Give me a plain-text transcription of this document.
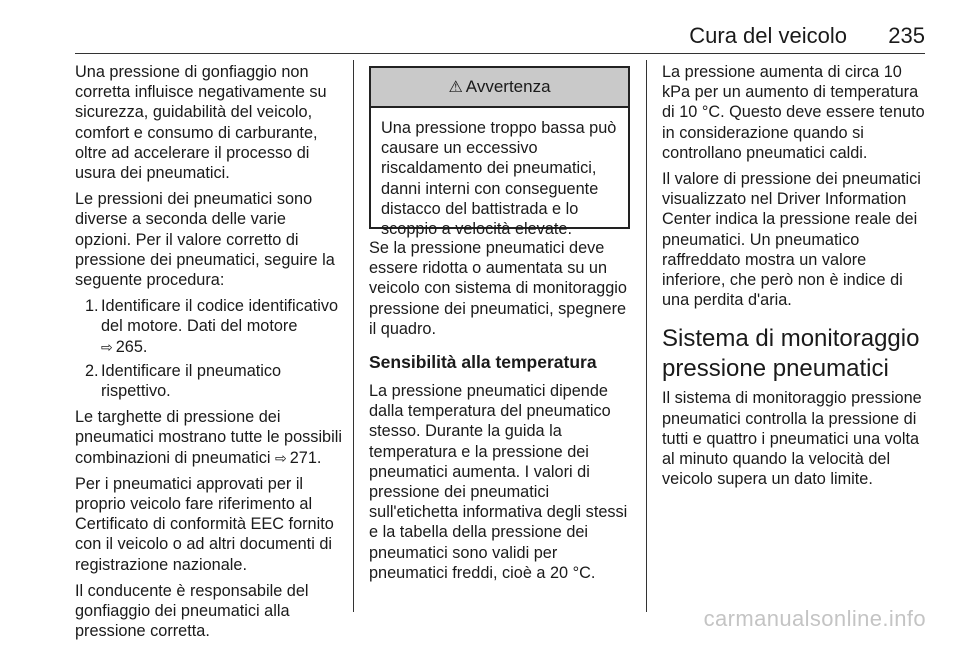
Cura del veicolo 235

Una pressione di gonfiaggio non corretta influisce negativamente su sicurezza, guidabilità del veicolo, comfort e consumo di carburante, oltre ad accelerare il processo di usura dei pneumatici.

Le pressioni dei pneumatici sono diverse a seconda delle varie opzioni. Per il valore corretto di pressione dei pneumatici, seguire la seguente procedura:

1. Identificare il codice identificativo del motore. Dati del motore
⇨ 265.
2. Identificare il pneumatico rispettivo.

Le targhette di pressione dei pneumatici mostrano tutte le possibili combinazioni di pneumatici ⇨ 271.

Per i pneumatici approvati per il proprio veicolo fare riferimento al Certificato di conformità EEC fornito con il veicolo o ad altri documenti di registrazione nazionale.

Il conducente è responsabile del gonfiaggio dei pneumatici alla pressione corretta.

⚠ Avvertenza
Una pressione troppo bassa può causare un eccessivo riscaldamento dei pneumatici, danni interni con conseguente distacco del battistrada e lo scoppio a velocità elevate.

Se la pressione pneumatici deve essere ridotta o aumentata su un veicolo con sistema di monitoraggio pressione dei pneumatici, spegnere il quadro.

Sensibilità alla temperatura

La pressione pneumatici dipende dalla temperatura del pneumatico stesso. Durante la guida la temperatura e la pressione dei pneumatici aumenta. I valori di pressione dei pneumatici sull'etichetta informativa degli stessi e la tabella della pressione dei pneumatici sono validi per pneumatici freddi, cioè a 20 °C.

La pressione aumenta di circa 10 kPa per un aumento di temperatura di 10 °C. Questo deve essere tenuto in considerazione quando si controllano pneumatici caldi.

Il valore di pressione dei pneumatici visualizzato nel Driver Information Center indica la pressione reale dei pneumatici. Un pneumatico raffreddato mostra un valore inferiore, che però non è indice di una perdita d'aria.

Sistema di monitoraggio pressione pneumatici

Il sistema di monitoraggio pressione pneumatici controlla la pressione di tutti e quattro i pneumatici una volta al minuto quando la velocità del veicolo supera un dato limite.

carmanualsonline.info
